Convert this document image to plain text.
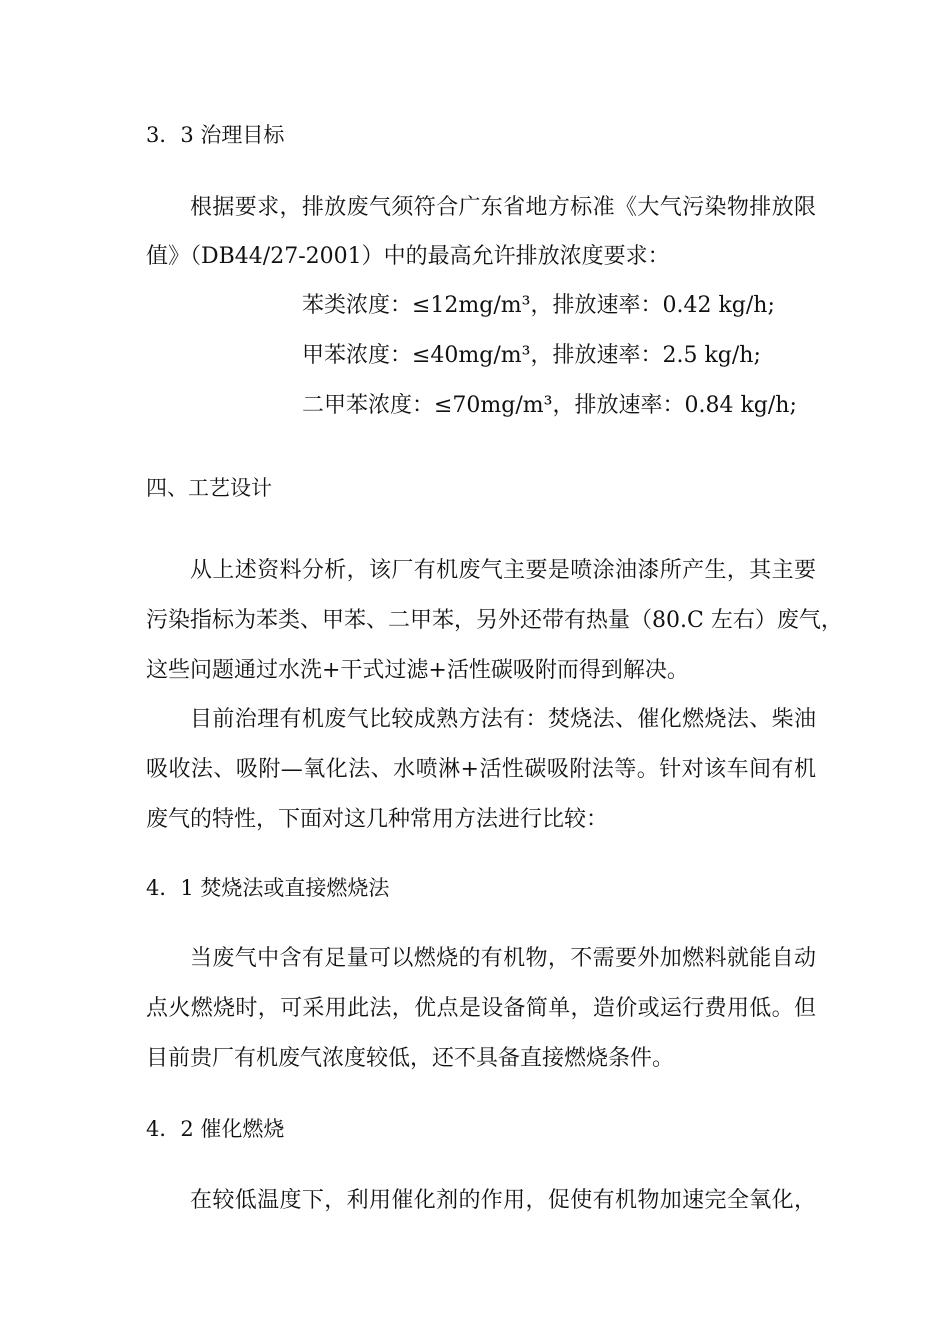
3．3 治理目标
根据要求，排放废气须符合广东省地方标准《大气污染物排放限
值》（DB44/27-2001）中的最高允许排放浓度要求：
苯类浓度：≤12mg/m³，排放速率：0.42 kg/h;
甲苯浓度：≤40mg/m³，排放速率：2.5 kg/h;
二甲苯浓度：≤70mg/m³，排放速率：0.84 kg/h;
四、工艺设计
从上述资料分析，该厂有机废气主要是喷涂油漆所产生，其主要
污染指标为苯类、甲苯、二甲苯，另外还带有热量（80.C 左右）废气，
这些问题通过水洗+干式过滤+活性碳吸附而得到解决。
目前治理有机废气比较成熟方法有：焚烧法、催化燃烧法、柴油
吸收法、吸附—氧化法、水喷淋+活性碳吸附法等。针对该车间有机
废气的特性，下面对这几种常用方法进行比较：
4．1 焚烧法或直接燃烧法
当废气中含有足量可以燃烧的有机物，不需要外加燃料就能自动
点火燃烧时，可采用此法，优点是设备简单，造价或运行费用低。但
目前贵厂有机废气浓度较低，还不具备直接燃烧条件。
4．2 催化燃烧
在较低温度下，利用催化剂的作用，促使有机物加速完全氧化，
